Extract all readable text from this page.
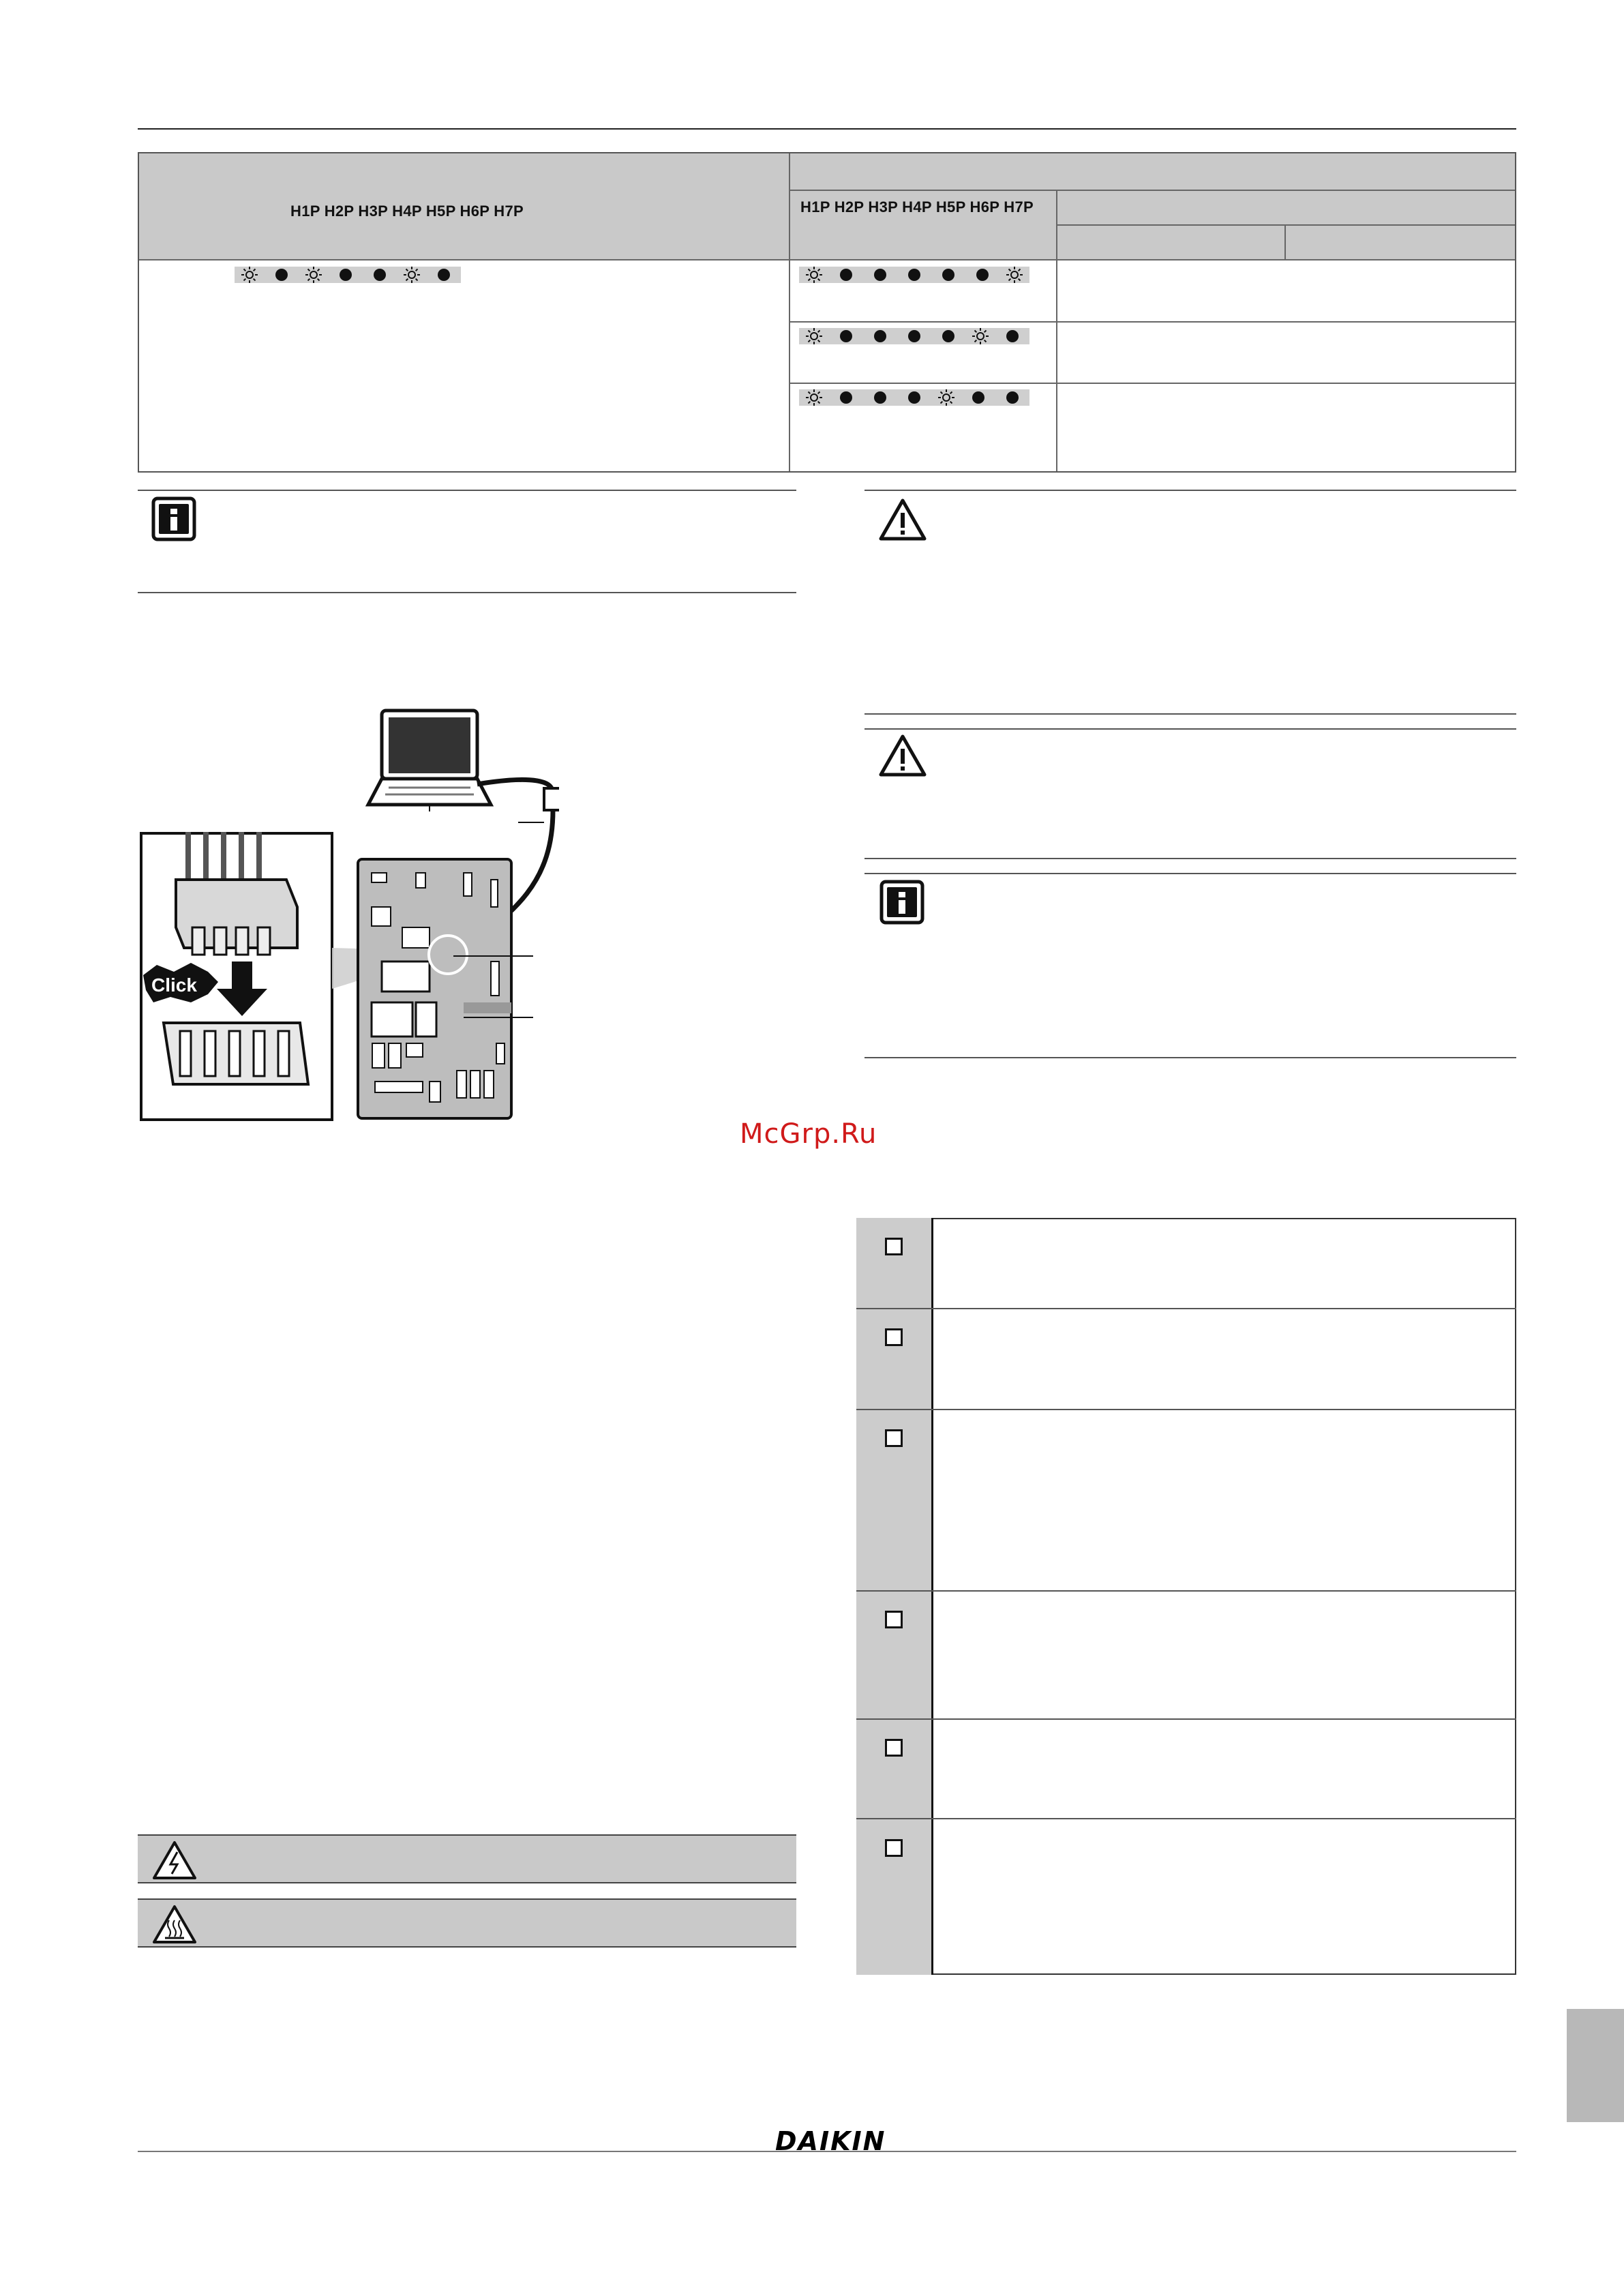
H1P H2P H3P H4P H5P H6P H7P	H1P H2P H3P H4P H5P H6P H7P
Click
McGrp.Ru
DAIKIN
